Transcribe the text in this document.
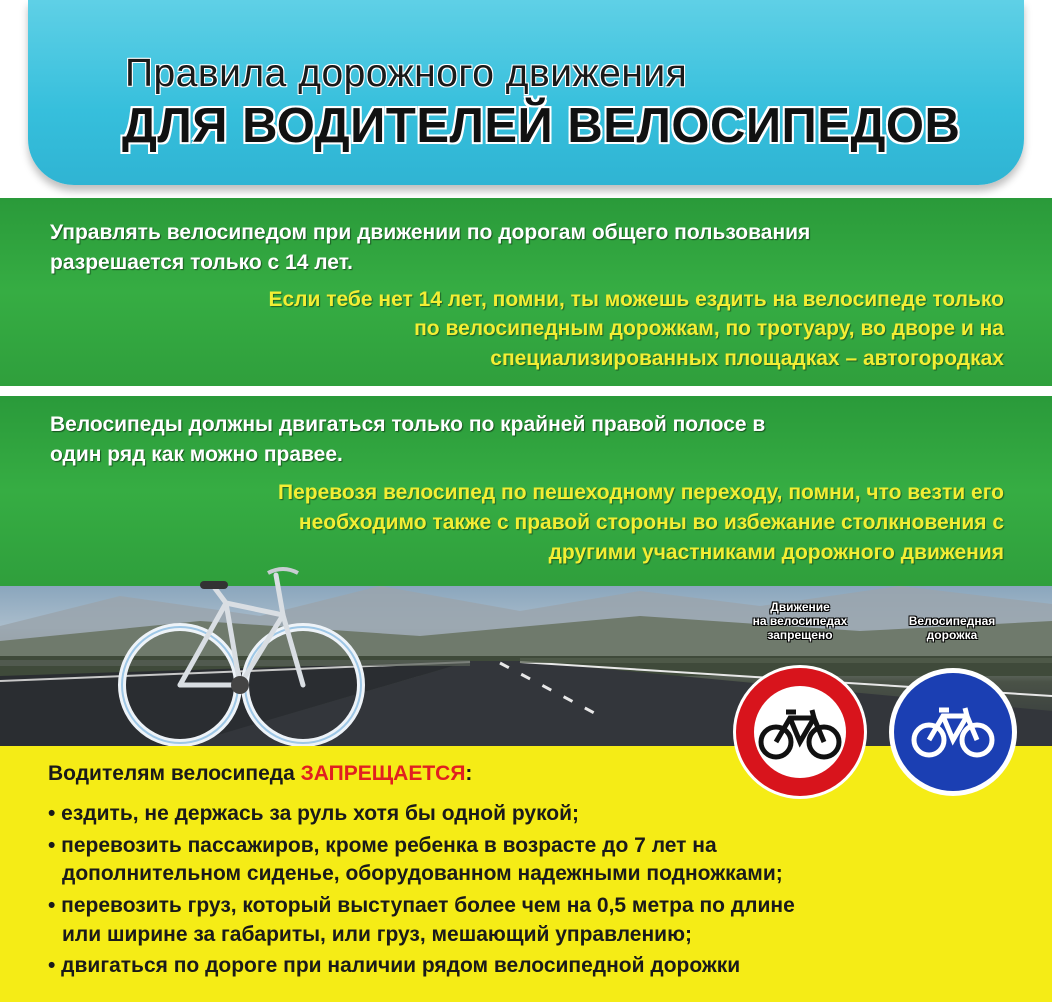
Правила дорожного движения
ДЛЯ ВОДИТЕЛЕЙ ВЕЛОСИПЕДОВ
Управлять велосипедом при движении по дорогам общего пользования
разрешается только с 14 лет.
Если тебе нет 14 лет, помни, ты можешь ездить на велосипеде только
по велосипедным дорожкам, по тротуару, во дворе и на
специализированных площадках – автогородках
Велосипеды должны двигаться только по крайней правой полосе в
один ряд как можно правее.
Перевозя велосипед по пешеходному переходу, помни, что везти его
необходимо также с правой стороны во избежание столкновения с
другими участниками дорожного движения
Движение
на велосипедах
запрещено
Велосипедная
дорожка
Водителям велосипеда ЗАПРЕЩАЕТСЯ:
• ездить, не держась за руль хотя бы одной рукой;
• перевозить пассажиров, кроме ребенка в возрасте до 7 лет на
дополнительном сиденье, оборудованном надежными подножками;
• перевозить груз, который выступает более чем на 0,5 метра по длине
или ширине за габариты, или груз, мешающий управлению;
• двигаться по дороге при наличии рядом велосипедной дорожки
